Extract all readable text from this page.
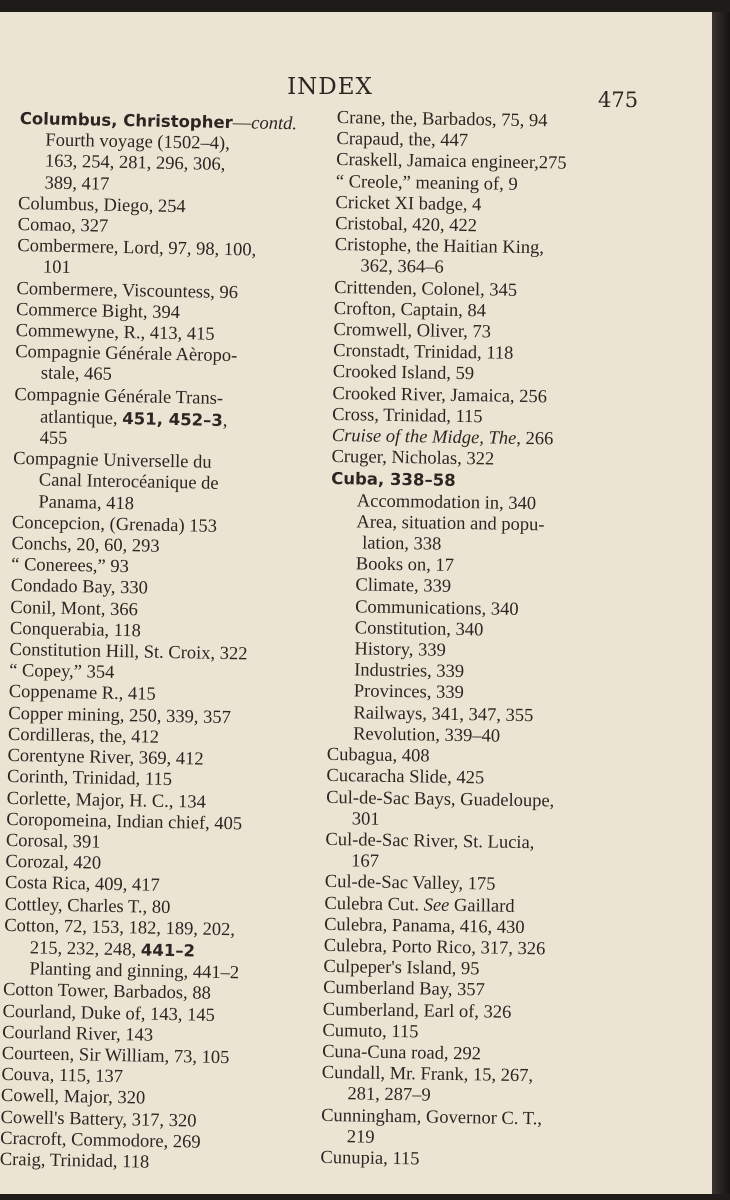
INDEX	475
Columbus, Christopher—contd.
Fourth voyage (1502–4),
163, 254, 281, 296, 306,
389, 417
Columbus, Diego, 254
Comao, 327
Combermere, Lord, 97, 98, 100,
101
Combermere, Viscountess, 96
Commerce Bight, 394
Commewyne, R., 413, 415
Compagnie Générale Aèropo-
stale, 465
Compagnie Générale Trans-
atlantique, 451, 452–3,
455
Compagnie Universelle du
Canal Interocéanique de
Panama, 418
Concepcion, (Grenada) 153
Conchs, 20, 60, 293
“ Conerees,” 93
Condado Bay, 330
Conil, Mont, 366
Conquerabia, 118
Constitution Hill, St. Croix, 322
“ Copey,” 354
Coppename R., 415
Copper mining, 250, 339, 357
Cordilleras, the, 412
Corentyne River, 369, 412
Corinth, Trinidad, 115
Corlette, Major, H. C., 134
Coropomeina, Indian chief, 405
Corosal, 391
Corozal, 420
Costa Rica, 409, 417
Cottley, Charles T., 80
Cotton, 72, 153, 182, 189, 202,
215, 232, 248, 441–2
Planting and ginning, 441–2
Cotton Tower, Barbados, 88
Courland, Duke of, 143, 145
Courland River, 143
Courteen, Sir William, 73, 105
Couva, 115, 137
Cowell, Major, 320
Cowell's Battery, 317, 320
Cracroft, Commodore, 269
Craig, Trinidad, 118
Crane, the, Barbados, 75, 94
Crapaud, the, 447
Craskell, Jamaica engineer,275
“ Creole,” meaning of, 9
Cricket XI badge, 4
Cristobal, 420, 422
Cristophe, the Haitian King,
362, 364–6
Crittenden, Colonel, 345
Crofton, Captain, 84
Cromwell, Oliver, 73
Cronstadt, Trinidad, 118
Crooked Island, 59
Crooked River, Jamaica, 256
Cross, Trinidad, 115
Cruise of the Midge, The, 266
Cruger, Nicholas, 322
Cuba, 338–58
Accommodation in, 340
Area, situation and popu-
lation, 338
Books on, 17
Climate, 339
Communications, 340
Constitution, 340
History, 339
Industries, 339
Provinces, 339
Railways, 341, 347, 355
Revolution, 339–40
Cubagua, 408
Cucaracha Slide, 425
Cul-de-Sac Bays, Guadeloupe,
301
Cul-de-Sac River, St. Lucia,
167
Cul-de-Sac Valley, 175
Culebra Cut. See Gaillard
Culebra, Panama, 416, 430
Culebra, Porto Rico, 317, 326
Culpeper's Island, 95
Cumberland Bay, 357
Cumberland, Earl of, 326
Cumuto, 115
Cuna-Cuna road, 292
Cundall, Mr. Frank, 15, 267,
281, 287–9
Cunningham, Governor C. T.,
219
Cunupia, 115
